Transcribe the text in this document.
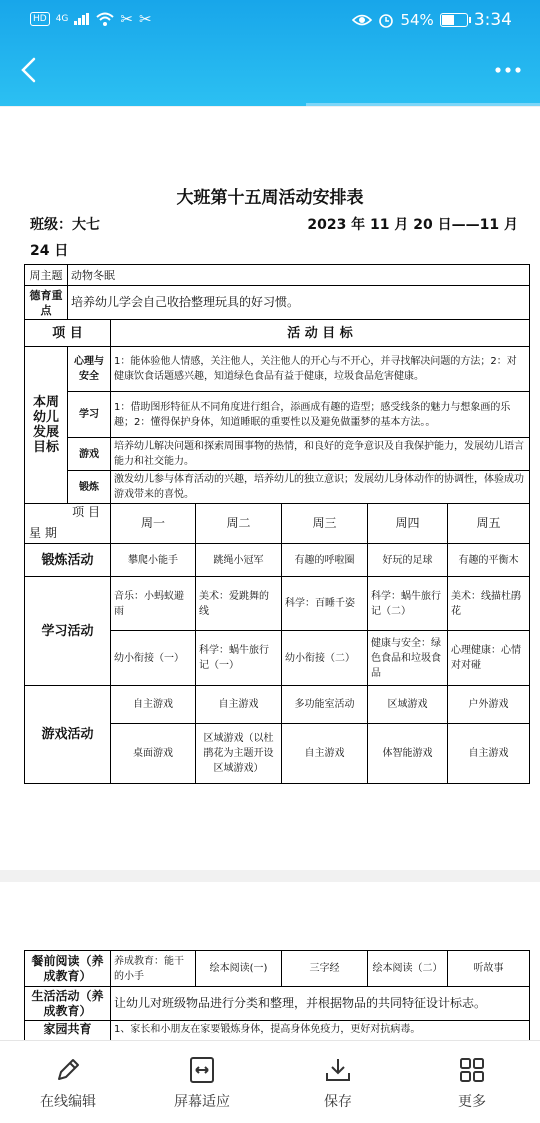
HD	4G	✂ ✂	54% 3:34
大班第十五周活动安排表
班级：大七	2023 年 11 月 20 日——11 月
24 日
周主题	动物冬眠					
德育重点	培养幼儿学会自己收拾整理玩具的好习惯。					
项 目		活 动 目 标				
本周幼儿发展目标	心理与安全	1：能体验他人情感，关注他人，关注他人的开心与不开心，并寻找解决问题的方法；2：对健康饮食话题感兴趣，知道绿色食品有益于健康，垃圾食品危害健康。				
	学习	1：借助图形特征从不同角度进行组合，添画成有趣的造型；感受线条的魅力与想象画的乐趣；2：懂得保护身体，知道睡眠的重要性以及避免做噩梦的基本方法。。				
	游戏	培养幼儿解决问题和探索周围事物的热情，和良好的竞争意识及自我保护能力，发展幼儿语言能力和社交能力。				
	锻炼	激发幼儿参与体育活动的兴趣，培养幼儿的独立意识；发展幼儿身体动作的协调性，体验成功游戏带来的喜悦。				

项 目
星 期		周一	周二	周三	周四	周五
锻炼活动		攀爬小能手	跳绳小冠军	有趣的呼啦圈	好玩的足球	有趣的平衡木
学习活动		音乐：小蚂蚁避雨	美术：爱跳舞的线	科学：百睡千姿	科学：蜗牛旅行记（二）	美术：线描杜鹃花
		幼小衔接（一）	科学：蜗牛旅行记（一）	幼小衔接（二）	健康与安全：绿色食品和垃圾食品	心理健康：心情对对碰
游戏活动		自主游戏	自主游戏	多功能室活动	区域游戏	户外游戏
		桌面游戏	区域游戏（以杜鹃花为主题开设区域游戏）	自主游戏	体智能游戏	自主游戏
餐前阅读（养成教育）	养成教育：能干的小手	绘本阅读(一)	三字经	绘本阅读（二）	听故事
生活活动（养成教育）	让幼儿对班级物品进行分类和整理，并根据物品的共同特征设计标志。				
家园共育	1、家长和小朋友在家要锻炼身体，提高身体免疫力，更好对抗病毒。				
在线编辑	屏幕适应	保存	更多
